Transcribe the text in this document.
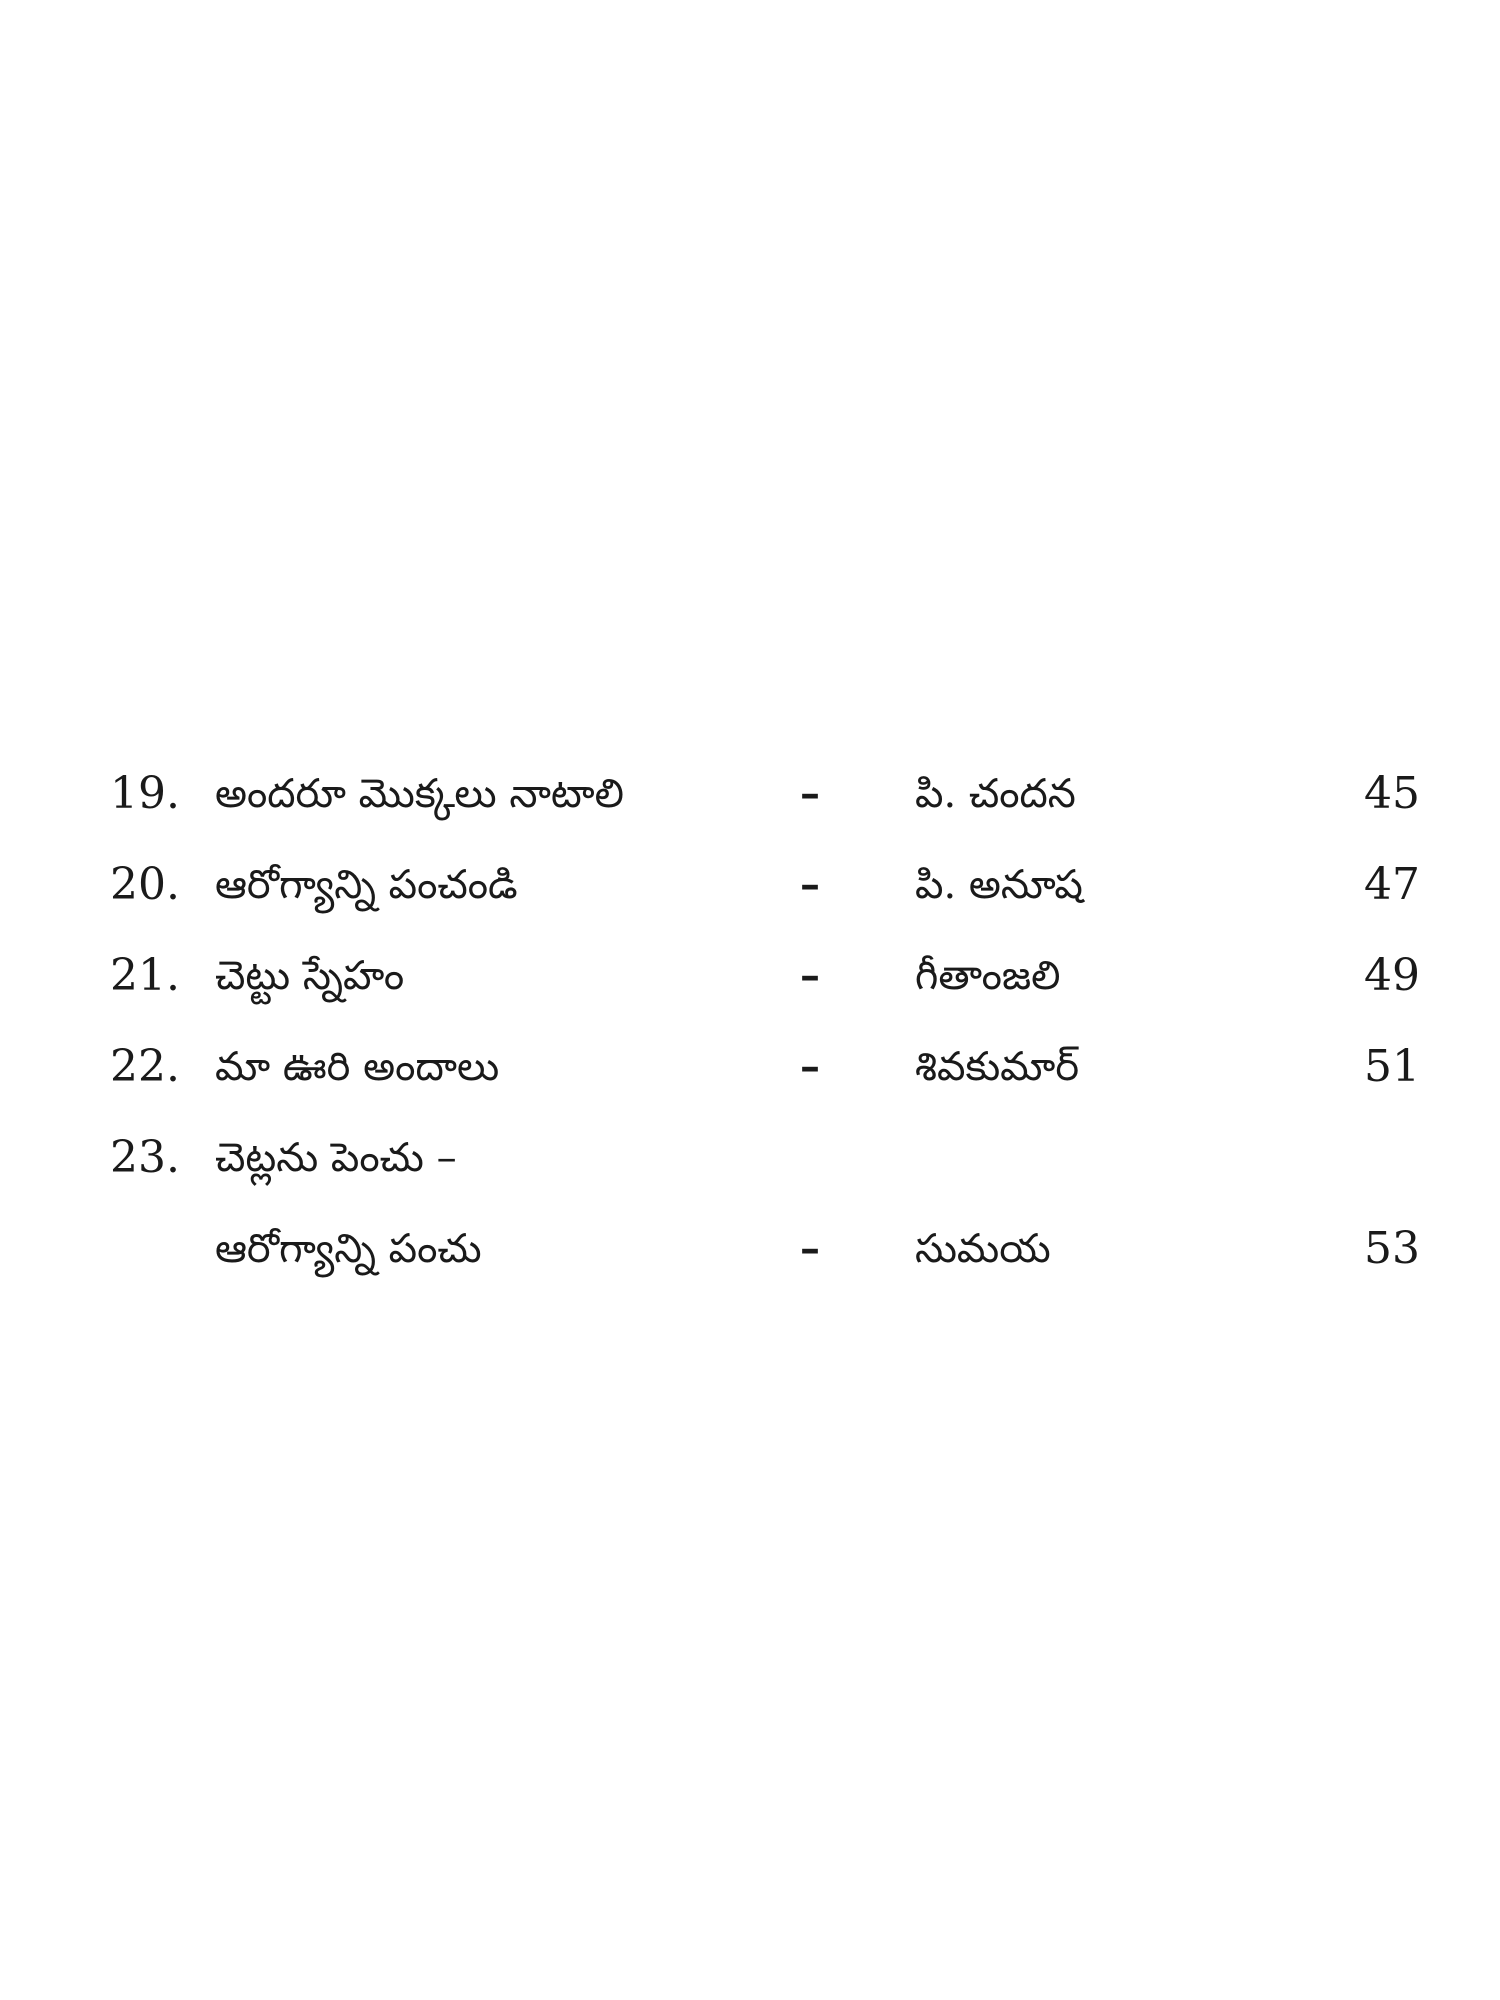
19. అందరూ మొక్కలు నాటాలి	– పి. చందన	45
20. ఆరోగ్యాన్ని పంచండి	– పి. అనూష	47
21. చెట్టు స్నేహం	– గీతాంజలి	49
22. మా ఊరి అందాలు	– శివకుమార్	51
23. చెట్లను పెంచు –
ఆరోగ్యాన్ని పంచు	– సుమయ	53
